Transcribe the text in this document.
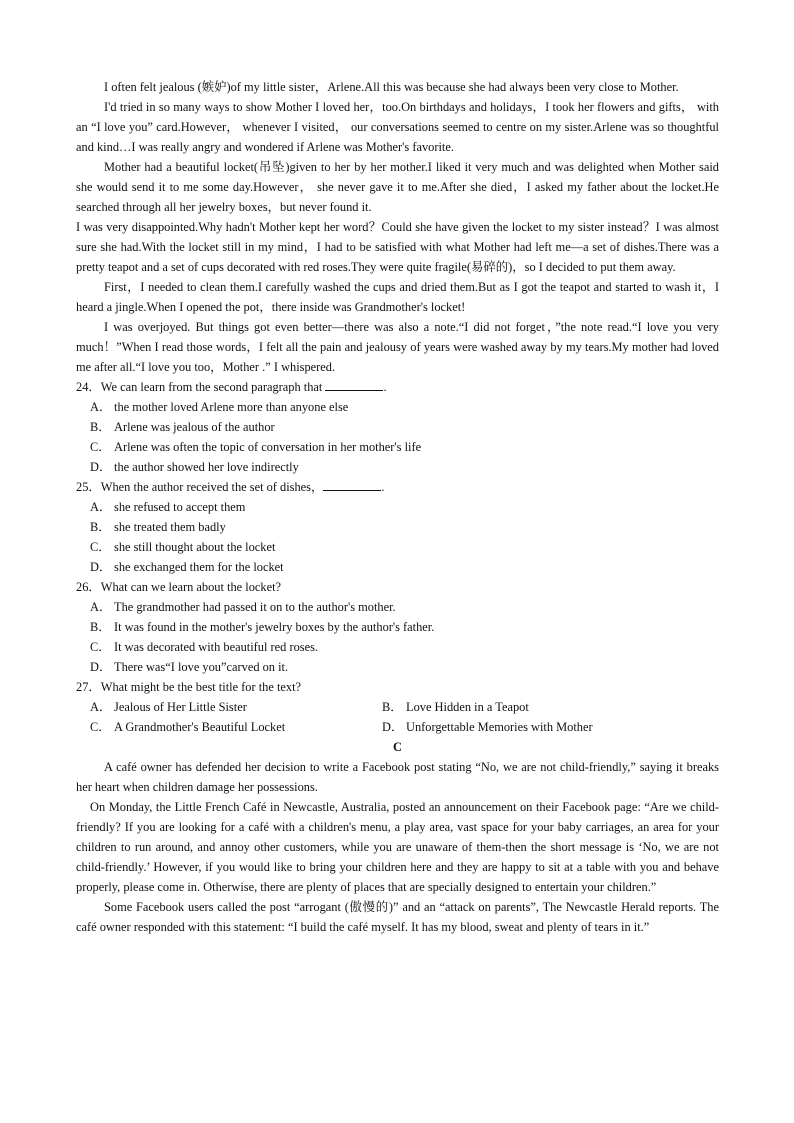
I often felt jealous (嫉妒)of my little sister，Arlene.All this was because she had always been very close to Mother.

I'd tried in so many ways to show Mother I loved her，too.On birthdays and holidays，I took her flowers and gifts， with an “I love you” card.However， whenever I visited， our conversations seemed to centre on my sister.Arlene was so thoughtful and kind…I was really angry and wondered if Arlene was Mother's favorite.

Mother had a beautiful locket(吊坠)given to her by her mother.I liked it very much and was delighted when Mother said she would send it to me some day.However， she never gave it to me.After she died，I asked my father about the locket.He searched through all her jewelry boxes，but never found it.

I was very disappointed.Why hadn't Mother kept her word？Could she have given the locket to my sister instead？I was almost sure she had.With the locket still in my mind，I had to be satisfied with what Mother had left me—a set of dishes.There was a pretty teapot and a set of cups decorated with red roses.They were quite fragile(易碎的)，so I decided to put them away.

First，I needed to clean them.I carefully washed the cups and dried them.But as I got the teapot and started to wash it，I heard a jingle.When I opened the pot，there inside was Grandmother's locket!

I was overjoyed. But things got even better—there was also a note.“I did not forget，”the note read.“I love you very much！”When I read those words，I felt all the pain and jealousy of years were washed away by my tears.My mother had loved me after all.“I love you too，Mother .” I whispered.

24．We can learn from the second paragraph that	.

A． the mother loved Arlene more than anyone else

B． Arlene was jealous of the author

C． Arlene was often the topic of conversation in her mother's life

D． the author showed her love indirectly

25．When the author received the set of dishes，	.

A． she refused to accept them

B． she treated them badly

C． she still thought about the locket

D． she exchanged them for the locket

26．What can we learn about the locket?

A． The grandmother had passed it on to the author's mother.

B． It was found in the mother's jewelry boxes by the author's father.

C． It was decorated with beautiful red roses.

D． There was“I love you”carved on it.

27．What might be the best title for the text?

A． Jealous of Her Little Sister	B． Love Hidden in a Teapot
C． A Grandmother's Beautiful Locket	D． Unforgettable Memories with Mother

C

A café owner has defended her decision to write a Facebook post stating “No, we are not child-friendly,” saying it breaks her heart when children damage her possessions.

On Monday, the Little French Café in Newcastle, Australia, posted an announcement on their Facebook page: “Are we child-friendly? If you are looking for a café with a children's menu, a play area, vast space for your baby carriages, an area for your children to run around, and annoy other customers, while you are unaware of them-then the short message is ‘No, we are not child-friendly.’ However, if you would like to bring your children here and they are happy to sit at a table with you and behave properly, please come in. Otherwise, there are plenty of places that are specially designed to entertain your children.”

Some Facebook users called the post “arrogant (傲慢的)” and an “attack on parents”, The Newcastle Herald reports. The café owner responded with this statement: “I build the café myself. It has my blood, sweat and plenty of tears in it.”
